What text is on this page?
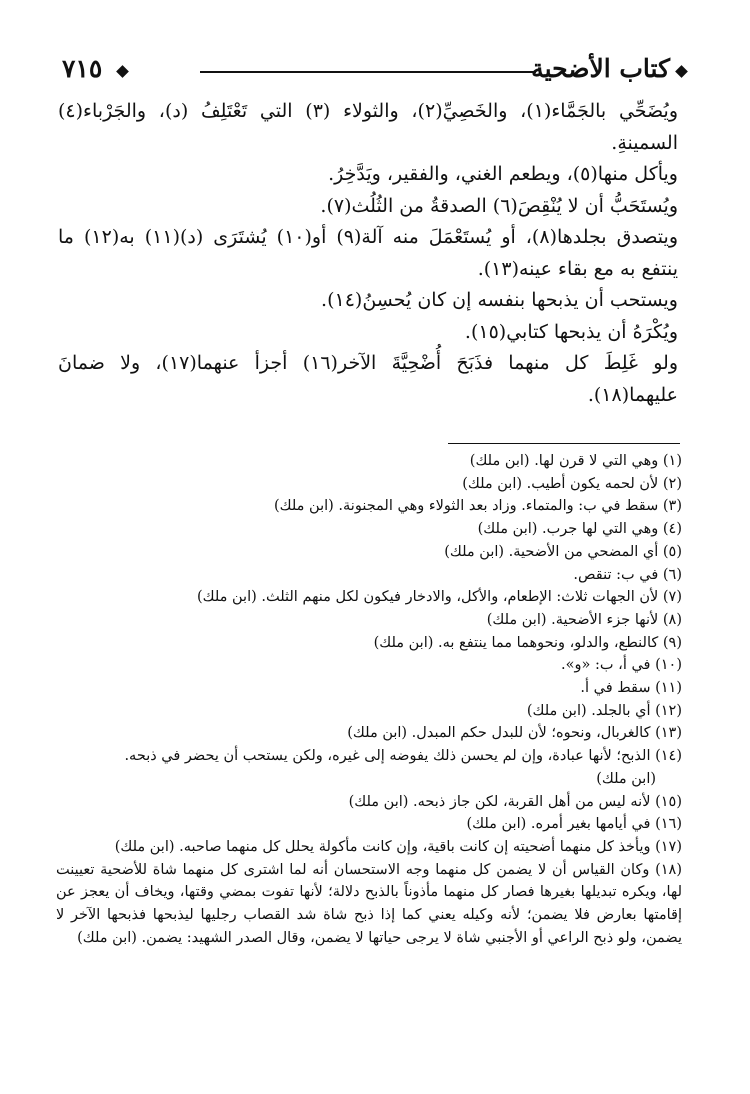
كتاب الأضحية
٧١٥

ويُضَحِّي بالجَمَّاء(١)، والخَصِيِّ(٢)، والثولاء (٣) التي تَعْتَلِفُ (د)، والجَرْباء(٤) السمينةِ.

ويأكل منها(٥)، ويطعم الغني، والفقير، ويَدَّخِرُ.

ويُستَحَبُّ أن لا يُنْقِصَ(٦) الصدقةُ من الثُلُث(٧).

ويتصدق بجلدها(٨)، أو يُستَعْمَلَ منه آلة(٩) أو(١٠) يُشتَرَى (د)(١١) به(١٢) ما ينتفع به مع بقاء عينه(١٣).

ويستحب أن يذبحها بنفسه إن كان يُحسِنُ(١٤).

ويُكْرَهُ أن يذبحها كتابي(١٥).

ولو غَلِطَ كل منهما فذَبَحَ أُضْحِيَّةَ الآخر(١٦) أجزأ عنهما(١٧)، ولا ضمانَ عليهما(١٨).

(١) وهي التي لا قرن لها. (ابن ملك)

(٢) لأن لحمه يكون أطيب. (ابن ملك)

(٣) سقط في ب: والمتماء. وزاد بعد الثولاء وهي المجنونة. (ابن ملك)

(٤) وهي التي لها جرب. (ابن ملك)

(٥) أي المضحي من الأضحية. (ابن ملك)

(٦) في ب: تنقص.

(٧) لأن الجهات ثلاث: الإطعام، والأكل، والادخار فيكون لكل منهم الثلث. (ابن ملك)

(٨) لأنها جزء الأضحية. (ابن ملك)

(٩) كالنطع، والدلو، ونحوهما مما ينتفع به. (ابن ملك)

(١٠) في أ، ب: «و».

(١١) سقط في أ.

(١٢) أي بالجلد. (ابن ملك)

(١٣) كالغربال، ونحوه؛ لأن للبدل حكم المبدل. (ابن ملك)

(١٤) الذبح؛ لأنها عبادة، وإن لم يحسن ذلك يفوضه إلى غيره، ولكن يستحب أن يحضر في ذبحه.

(ابن ملك)

(١٥) لأنه ليس من أهل القربة، لكن جاز ذبحه. (ابن ملك)

(١٦) في أيامها بغير أمره. (ابن ملك)

(١٧) ويأخذ كل منهما أضحيته إن كانت باقية، وإن كانت مأكولة يحلل كل منهما صاحبه. (ابن ملك)

(١٨) وكان القياس أن لا يضمن كل منهما وجه الاستحسان أنه لما اشترى كل منهما شاة للأضحية تعيينت لها، ويكره تبديلها بغيرها فصار كل منهما مأذوناً بالذبح دلالة؛ لأنها تفوت بمضي وقتها، ويخاف أن يعجز عن إقامتها بعارض فلا يضمن؛ لأنه وكيله يعني كما إذا ذبح شاة شد القصاب رجليها ليذبحها فذبحها الآخر لا يضمن، ولو ذبح الراعي أو الأجنبي شاة لا يرجى حياتها لا يضمن، وقال الصدر الشهيد: يضمن. (ابن ملك)
